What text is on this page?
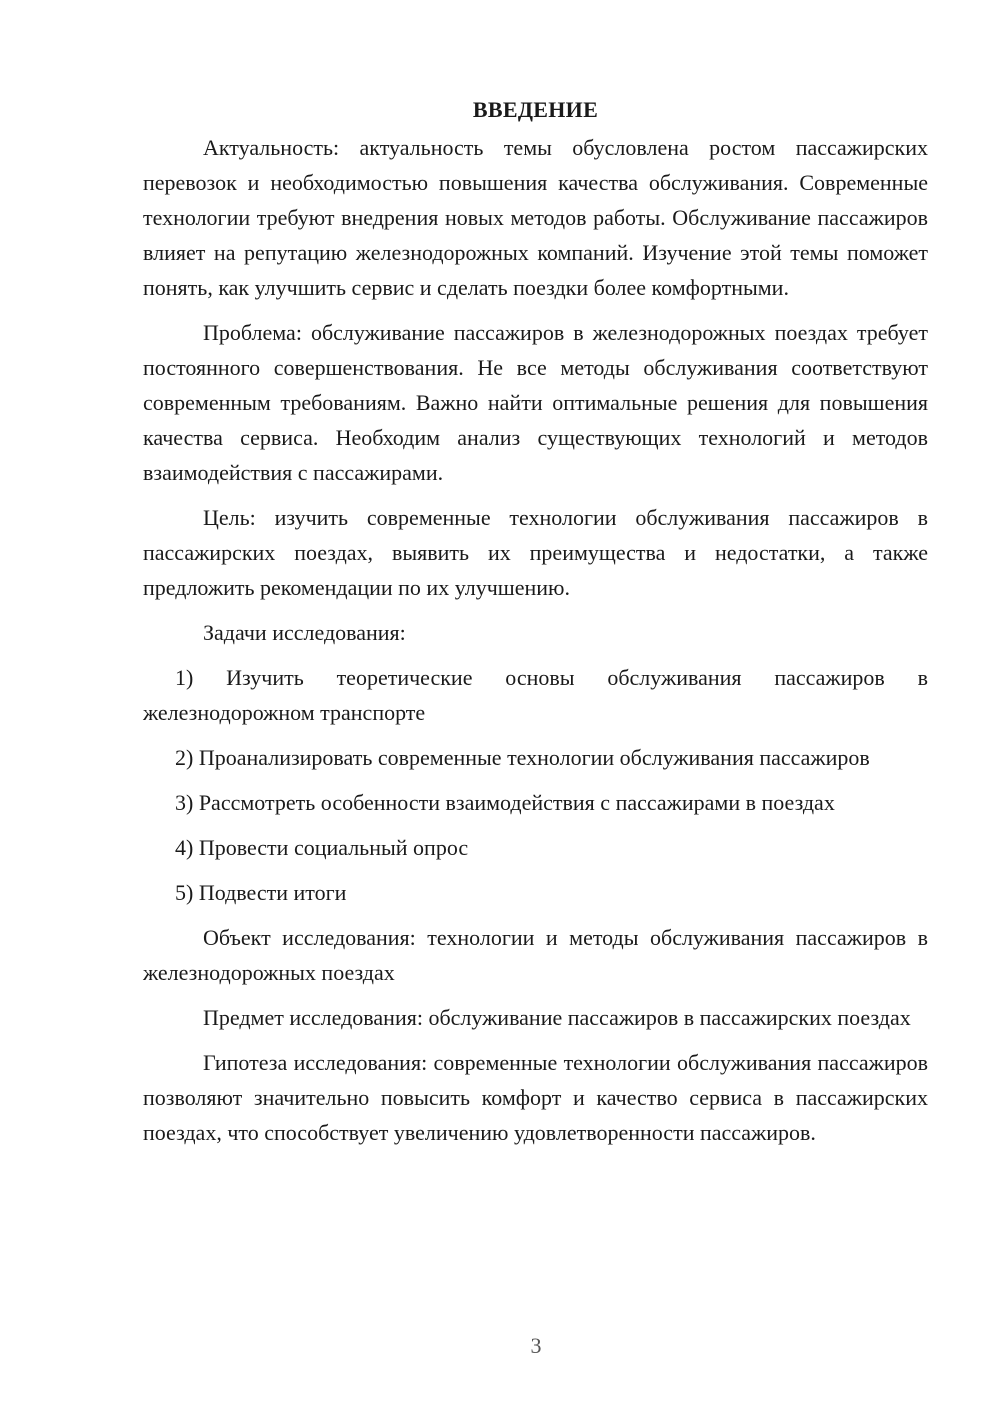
ВВЕДЕНИЕ

Актуальность: актуальность темы обусловлена ростом пассажирских перевозок и необходимостью повышения качества обслуживания. Современные технологии требуют внедрения новых методов работы. Обслуживание пассажиров влияет на репутацию железнодорожных компаний. Изучение этой темы поможет понять, как улучшить сервис и сделать поездки более комфортными.

Проблема: обслуживание пассажиров в железнодорожных поездах требует постоянного совершенствования. Не все методы обслуживания соответствуют современным требованиям. Важно найти оптимальные решения для повышения качества сервиса. Необходим анализ существующих технологий и методов взаимодействия с пассажирами.

Цель: изучить современные технологии обслуживания пассажиров в пассажирских поездах, выявить их преимущества и недостатки, а также предложить рекомендации по их улучшению.

Задачи исследования:

1) Изучить теоретические основы обслуживания пассажиров в железнодорожном транспорте
2) Проанализировать современные технологии обслуживания пассажиров
3) Рассмотреть особенности взаимодействия с пассажирами в поездах
4) Провести социальный опрос
5) Подвести итоги

Объект исследования: технологии и методы обслуживания пассажиров в железнодорожных поездах

Предмет исследования: обслуживание пассажиров в пассажирских поездах

Гипотеза исследования: современные технологии обслуживания пассажиров позволяют значительно повысить комфорт и качество сервиса в пассажирских поездах, что способствует увеличению удовлетворенности пассажиров.

3
